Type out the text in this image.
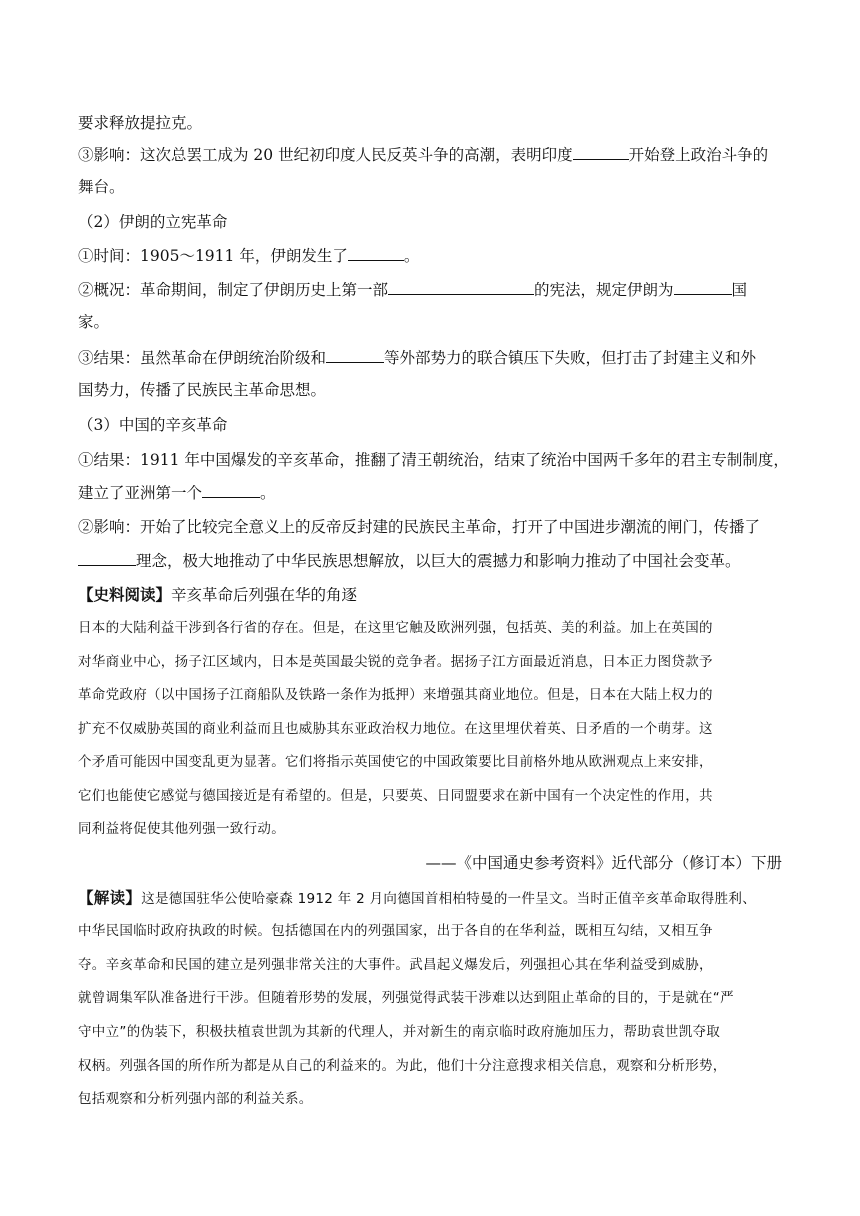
要求释放提拉克。
③影响：这次总罢工成为 20 世纪初印度人民反英斗争的高潮，表明印度	开始登上政治斗争的
舞台。
（2）伊朗的立宪革命
①时间：1905～1911 年，伊朗发生了	。
②概况：革命期间，制定了伊朗历史上第一部	的宪法，规定伊朗为	国
家。
③结果：虽然革命在伊朗统治阶级和	等外部势力的联合镇压下失败，但打击了封建主义和外
国势力，传播了民族民主革命思想。
（3）中国的辛亥革命
①结果：1911 年中国爆发的辛亥革命，推翻了清王朝统治，结束了统治中国两千多年的君主专制制度，
建立了亚洲第一个	。
②影响：开始了比较完全意义上的反帝反封建的民族民主革命，打开了中国进步潮流的闸门，传播了
理念，极大地推动了中华民族思想解放，以巨大的震撼力和影响力推动了中国社会变革。
【史料阅读】辛亥革命后列强在华的角逐
日本的大陆利益干涉到各行省的存在。但是，在这里它触及欧洲列强，包括英、美的利益。加上在英国的
对华商业中心，扬子江区域内，日本是英国最尖锐的竞争者。据扬子江方面最近消息，日本正力图贷款予
革命党政府（以中国扬子江商船队及铁路一条作为抵押）来增强其商业地位。但是，日本在大陆上权力的
扩充不仅威胁英国的商业利益而且也威胁其东亚政治权力地位。在这里埋伏着英、日矛盾的一个萌芽。这
个矛盾可能因中国变乱更为显著。它们将指示英国使它的中国政策要比目前格外地从欧洲观点上来安排，
它们也能使它感觉与德国接近是有希望的。但是，只要英、日同盟要求在新中国有一个决定性的作用，共
同利益将促使其他列强一致行动。
——《中国通史参考资料》近代部分（修订本）下册
【解读】这是德国驻华公使哈豪森 1912 年 2 月向德国首相柏特曼的一件呈文。当时正值辛亥革命取得胜利、
中华民国临时政府执政的时候。包括德国在内的列强国家，出于各自的在华利益，既相互勾结，又相互争
夺。辛亥革命和民国的建立是列强非常关注的大事件。武昌起义爆发后，列强担心其在华利益受到威胁，
就曾调集军队准备进行干涉。但随着形势的发展，列强觉得武装干涉难以达到阻止革命的目的，于是就在“严
守中立”的伪装下，积极扶植袁世凯为其新的代理人，并对新生的南京临时政府施加压力，帮助袁世凯夺取
权柄。列强各国的所作所为都是从自己的利益来的。为此，他们十分注意搜求相关信息，观察和分析形势，
包括观察和分析列强内部的利益关系。
